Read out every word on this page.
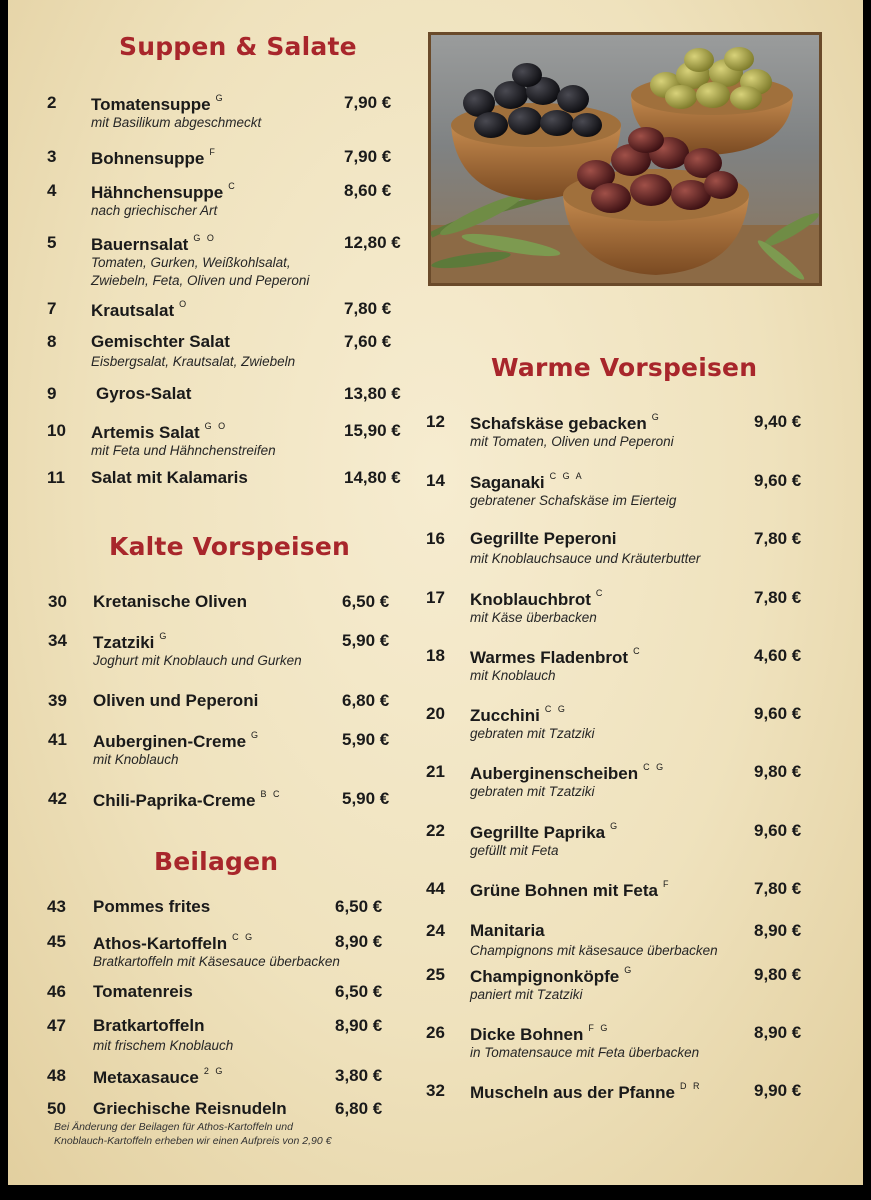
Suppen & Salate
Kalte Vorspeisen
Beilagen
Warme Vorspeisen
2 Tomatensuppe $^G$	7,90 €
mit Basilikum abgeschmeckt
3 Bohnensuppe $^F$	7,90 €
4 Hähnchensuppe $^C$	8,60 €
nach griechischer Art
5 Bauernsalat $^{G O}$	12,80 €
Tomaten, Gurken, Weißkohlsalat,
Zwiebeln, Feta, Oliven und Peperoni
7 Krautsalat $^O$	7,80 €
8 Gemischter Salat	7,60 €
Eisbergsalat, Krautsalat, Zwiebeln
9 Gyros-Salat	13,80 €
10 Artemis Salat $^{G O}$	15,90 €
mit Feta und Hähnchenstreifen
11 Salat mit Kalamaris	14,80 €
30 Kretanische Oliven	6,50 €
34 Tzatziki $^G$	5,90 €
Joghurt mit Knoblauch und Gurken
39 Oliven und Peperoni	6,80 €
41 Auberginen-Creme $^G$	5,90 €
mit Knoblauch
42 Chili-Paprika-Creme $^{B C}$	5,90 €
43 Pommes frites	6,50 €
45 Athos-Kartoffeln $^{C G}$	8,90 €
Bratkartoffeln mit Käsesauce überbacken
46 Tomatenreis	6,50 €
47 Bratkartoffeln	8,90 €
mit frischem Knoblauch
48 Metaxasauce $^{2 G}$	3,80 €
50 Griechische Reisnudeln	6,80 €
12 Schafskäse gebacken $^G$	9,40 €
mit Tomaten, Oliven und Peperoni
14 Saganaki $^{C G A}$	9,60 €
gebratener Schafskäse im Eierteig
16 Gegrillte Peperoni	7,80 €
mit Knoblauchsauce und Kräuterbutter
17 Knoblauchbrot $^C$	7,80 €
mit Käse überbacken
18 Warmes Fladenbrot $^C$	4,60 €
mit Knoblauch
20 Zucchini $^{C G}$	9,60 €
gebraten mit Tzatziki
21 Auberginenscheiben $^{C G}$	9,80 €
gebraten mit Tzatziki
22 Gegrillte Paprika $^G$	9,60 €
gefüllt mit Feta
44 Grüne Bohnen mit Feta $^F$	7,80 €
24 Manitaria	8,90 €
Champignons mit käsesauce überbacken
25 Champignonköpfe $^G$	9,80 €
paniert mit Tzatziki
26 Dicke Bohnen $^{F G}$	8,90 €
in Tomatensauce mit Feta überbacken
32 Muscheln aus der Pfanne $^{D R}$	9,90 €
Bei Änderung der Beilagen für Athos-Kartoffeln und
Knoblauch-Kartoffeln erheben wir einen Aufpreis von 2,90 €
